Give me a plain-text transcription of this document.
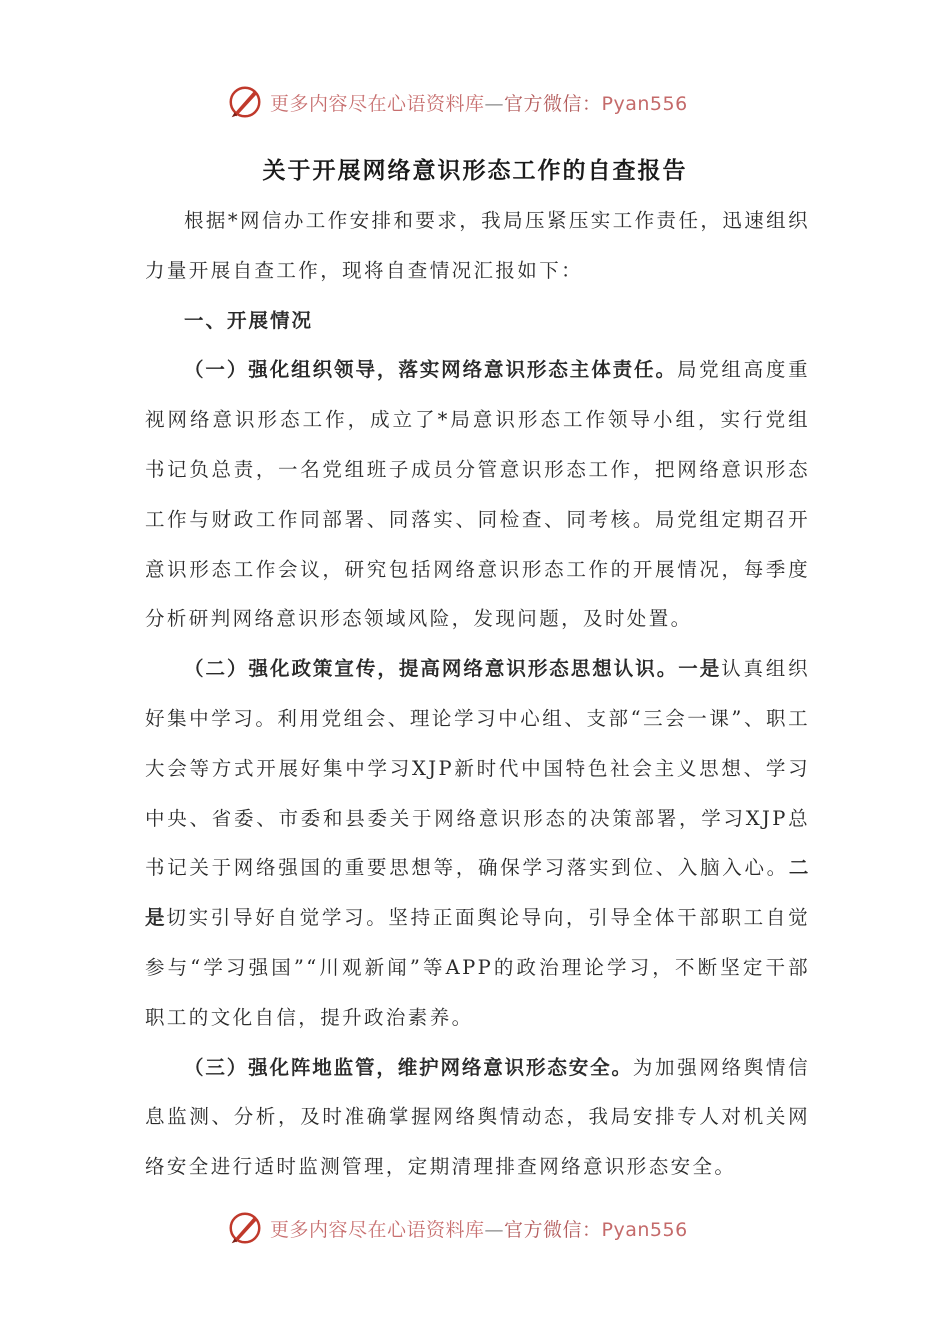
更多内容尽在心语资料库—官方微信：Pyan556
关于开展网络意识形态工作的自查报告

根据*网信办工作安排和要求，我局压紧压实工作责任，迅速组织力量开展自查工作，现将自查情况汇报如下：

一、开展情况

（一）强化组织领导，落实网络意识形态主体责任。局党组高度重视网络意识形态工作，成立了*局意识形态工作领导小组，实行党组书记负总责，一名党组班子成员分管意识形态工作，把网络意识形态工作与财政工作同部署、同落实、同检查、同考核。局党组定期召开意识形态工作会议，研究包括网络意识形态工作的开展情况，每季度分析研判网络意识形态领域风险，发现问题，及时处置。

（二）强化政策宣传，提高网络意识形态思想认识。一是认真组织好集中学习。利用党组会、理论学习中心组、支部“三会一课”、职工大会等方式开展好集中学习XJP新时代中国特色社会主义思想、学习中央、省委、市委和县委关于网络意识形态的决策部署，学习XJP总书记关于网络强国的重要思想等，确保学习落实到位、入脑入心。二是切实引导好自觉学习。坚持正面舆论导向，引导全体干部职工自觉参与“学习强国”“川观新闻”等APP的政治理论学习，不断坚定干部职工的文化自信，提升政治素养。

（三）强化阵地监管，维护网络意识形态安全。为加强网络舆情信息监测、分析，及时准确掌握网络舆情动态，我局安排专人对机关网络安全进行适时监测管理，定期清理排查网络意识形态安全。

更多内容尽在心语资料库—官方微信：Pyan556
